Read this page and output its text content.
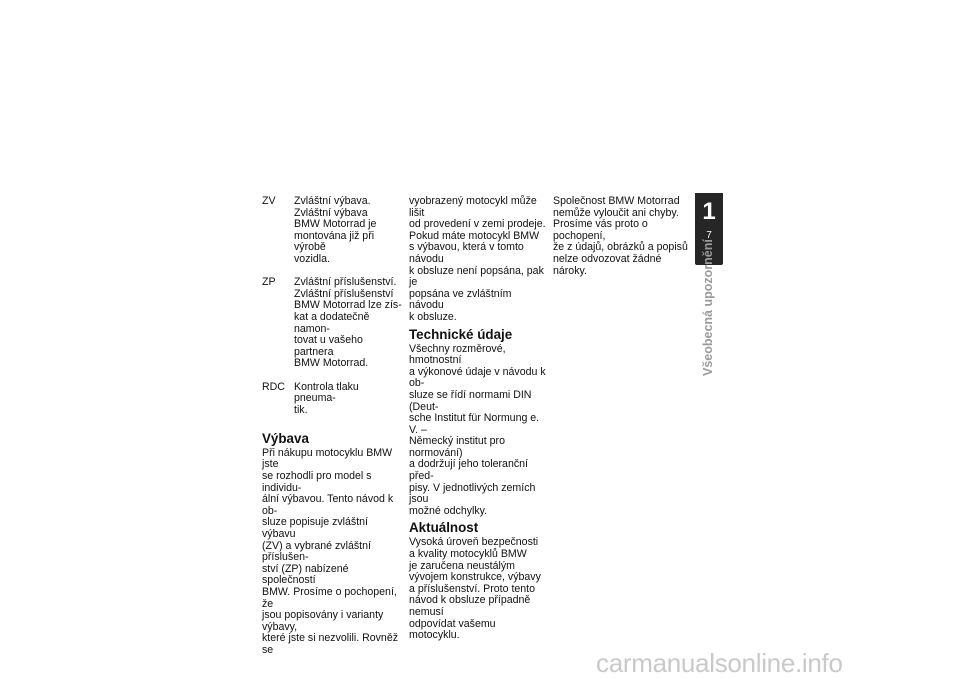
ZV	Zvláštní výbava.
Zvláštní výbava
BMW Motorrad je
montována již při výrobě
vozidla.
ZP	Zvláštní příslušenství.
Zvláštní příslušenství
BMW Motorrad lze zís-
kat a dodatečně namon-
tovat u vašeho partnera
BMW Motorrad.
RDC Kontrola tlaku pneuma-
tik.
Výbava

Při nákupu motocyklu BMW jste
se rozhodli pro model s individu-
ální výbavou. Tento návod k ob-
sluze popisuje zvláštní výbavu
(ZV) a vybrané zvláštní příslušen-
ství (ZP) nabízené společností
BMW. Prosíme o pochopení, že
jsou popisovány i varianty výbavy,
které jste si nezvolili. Rovněž se

vyobrazený motocykl může lišit
od provedení v zemi prodeje.
Pokud máte motocykl BMW
s výbavou, která v tomto návodu
k obsluze není popsána, pak je
popsána ve zvláštním návodu
k obsluze.

Technické údaje

Všechny rozměrové, hmotnostní
a výkonové údaje v návodu k ob-
sluze se řídí normami DIN (Deut-
sche Institut für Normung e. V. –
Německý institut pro normování)
a dodržují jeho toleranční před-
pisy. V jednotlivých zemích jsou
možné odchylky.

Aktuálnost

Vysoká úroveň bezpečnosti
a kvality motocyklů BMW
je zaručena neustálým
vývojem konstrukce, výbavy
a příslušenství. Proto tento
návod k obsluze případně nemusí
odpovídat vašemu motocyklu.

Společnost BMW Motorrad
nemůže vyloučit ani chyby.
Prosíme vás proto o pochopení,
že z údajů, obrázků a popisů
nelze odvozovat žádné nároky.

1
7
Všeobecná upozornění
carmanualsonline.info
